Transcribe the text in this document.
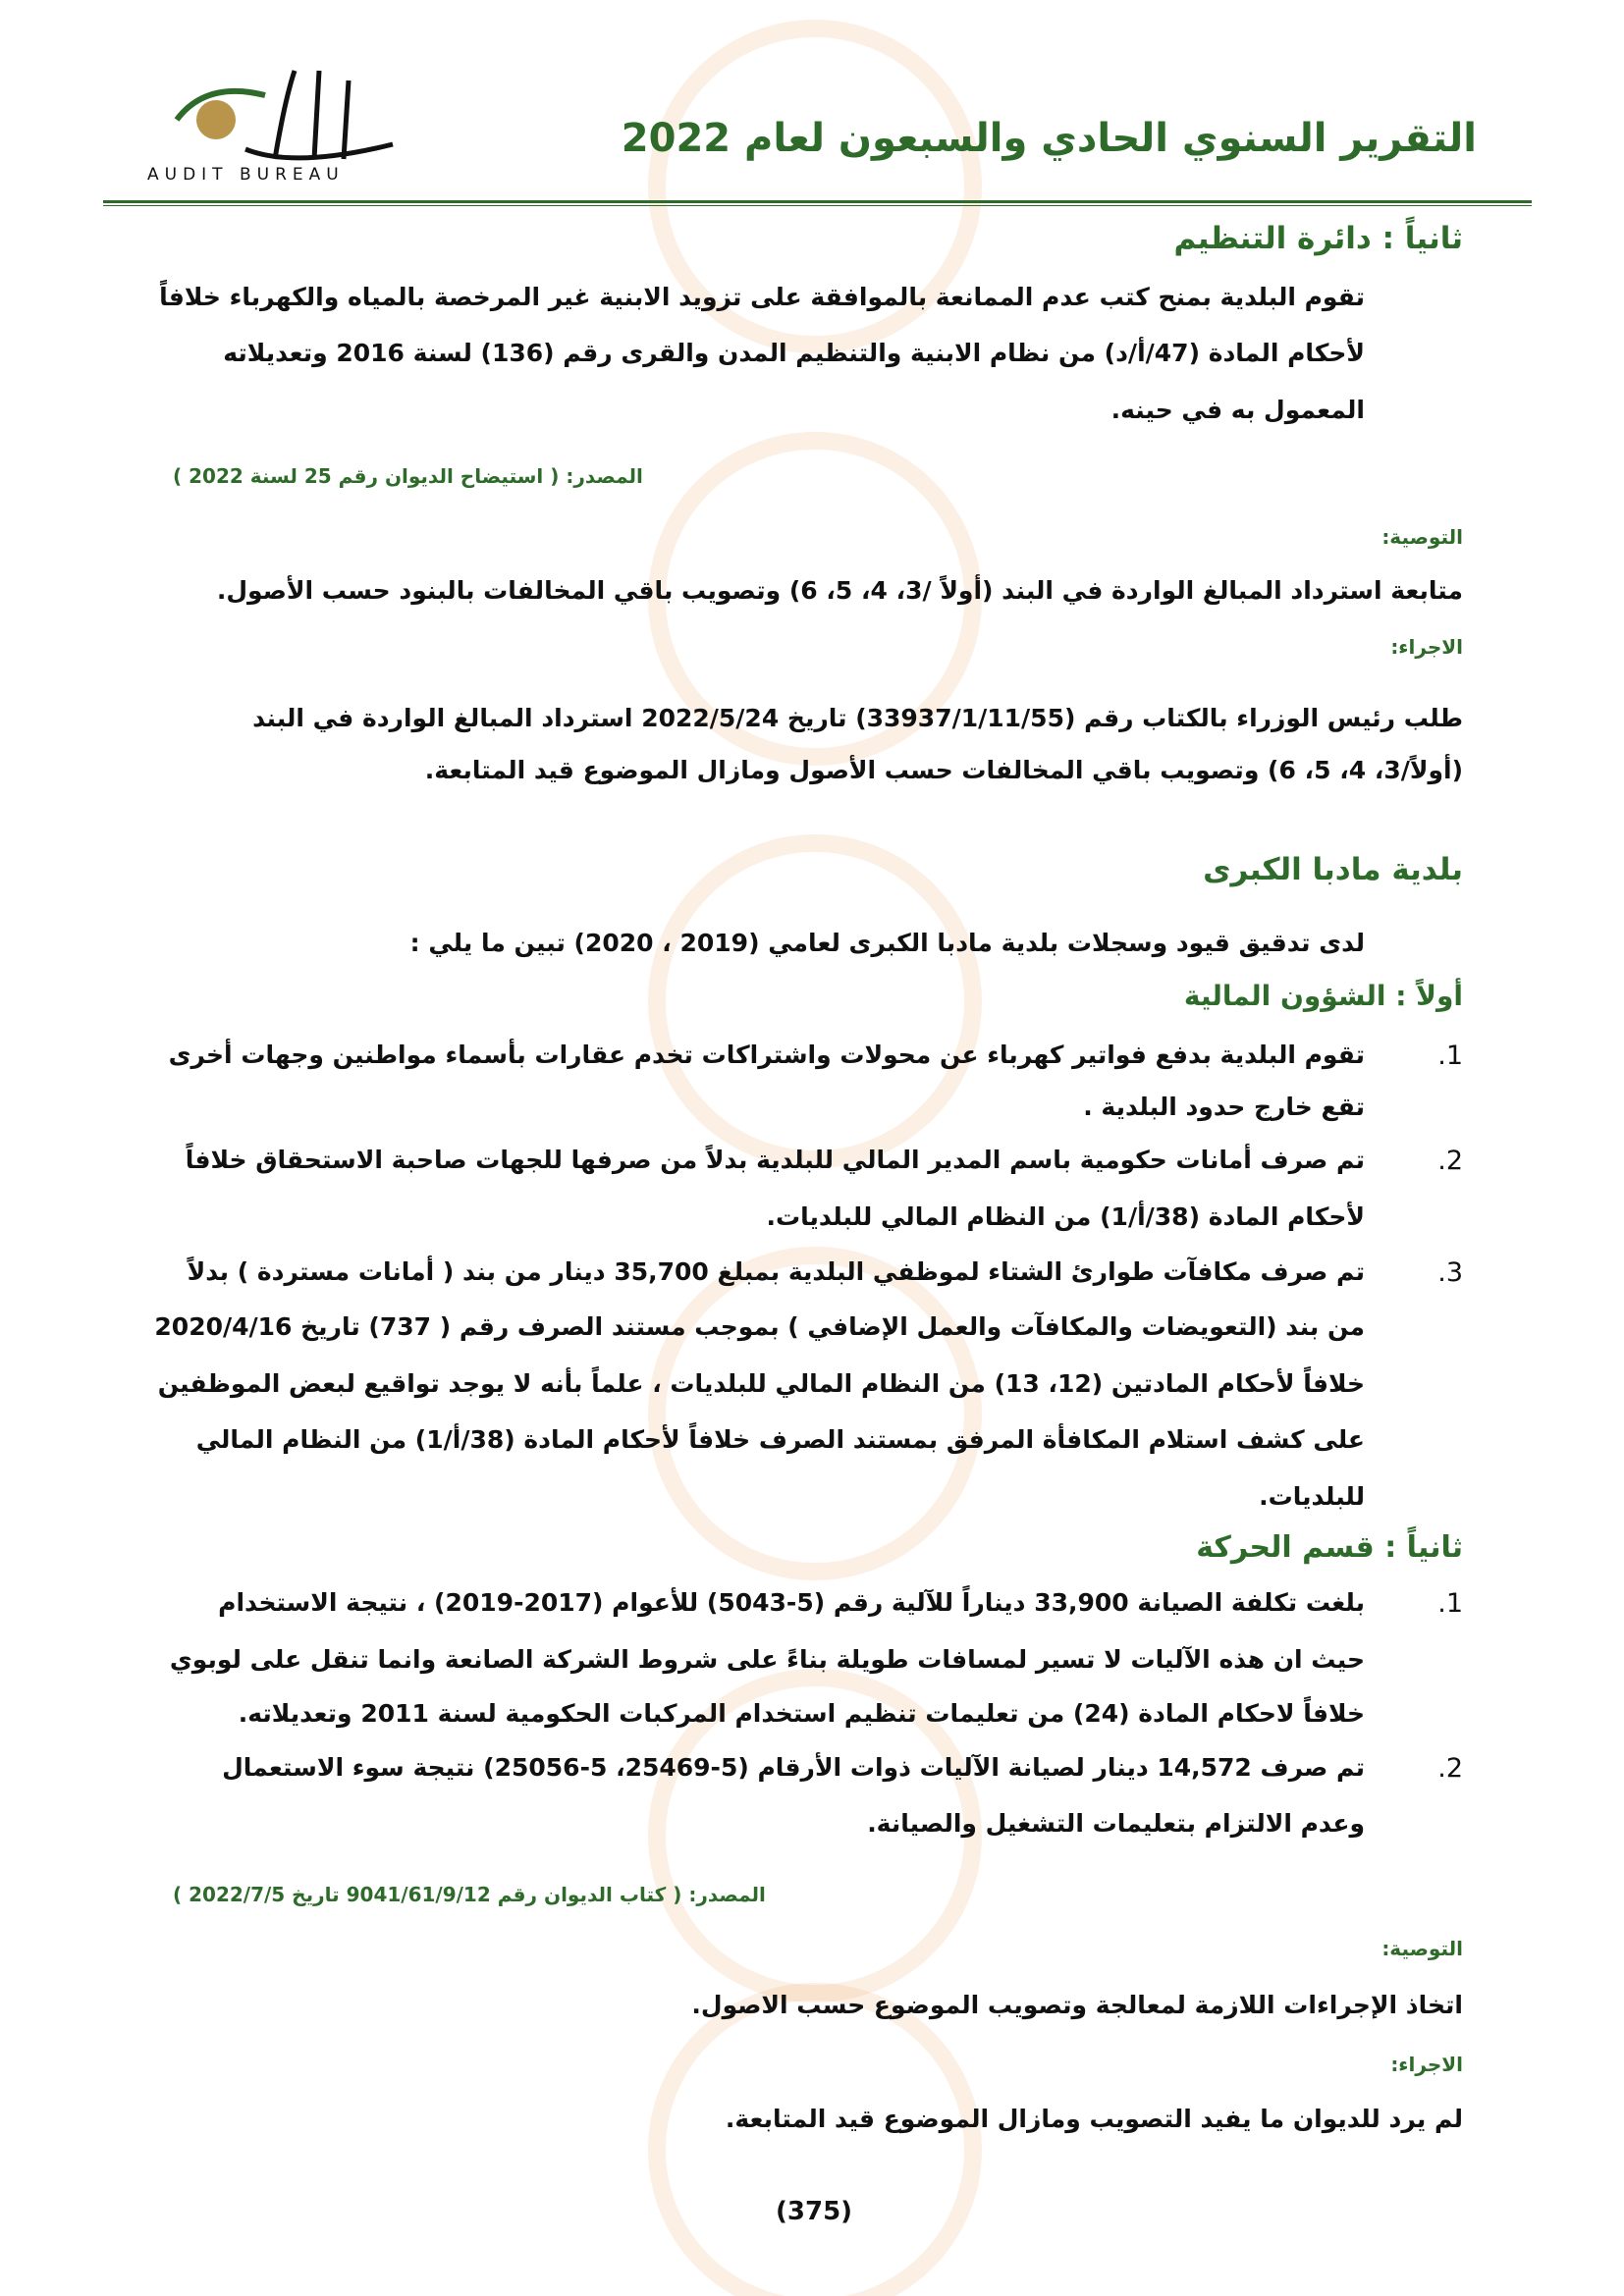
التقرير السنوي الحادي والسبعون لعام 2022
AUDIT BUREAU
ثانياً : دائرة التنظيم
تقوم البلدية بمنح كتب عدم الممانعة بالموافقة على تزويد الابنية غير المرخصة بالمياه والكهرباء خلافاً
لأحكام المادة (47/أ/د) من نظام الابنية والتنظيم المدن والقرى رقم (136) لسنة 2016 وتعديلاته
المعمول به في حينه.
المصدر: ( استيضاح الديوان رقم 25 لسنة 2022 )
التوصية:
متابعة استرداد المبالغ الواردة في البند (أولاً /3، 4، 5، 6) وتصويب باقي المخالفات بالبنود حسب الأصول.
الاجراء:
طلب رئيس الوزراء بالكتاب رقم (33937/1/11/55) تاريخ 2022/5/24 استرداد المبالغ الواردة في البند
(أولاً/3، 4، 5، 6) وتصويب باقي المخالفات حسب الأصول ومازال الموضوع قيد المتابعة.
بلدية مادبا الكبرى
لدى تدقيق قيود وسجلات بلدية مادبا الكبرى لعامي (2019 ، 2020) تبين ما يلي :
أولاً : الشؤون المالية
.1
تقوم البلدية بدفع فواتير كهرباء عن محولات واشتراكات تخدم عقارات بأسماء مواطنين وجهات أخرى
تقع خارج حدود البلدية .
.2
تم صرف أمانات حكومية باسم المدير المالي للبلدية بدلاً من صرفها للجهات صاحبة الاستحقاق خلافاً
لأحكام المادة (38/أ/1) من النظام المالي للبلديات.
.3
تم صرف مكافآت طوارئ الشتاء لموظفي البلدية بمبلغ 35,700 دينار من بند ( أمانات مستردة ) بدلاً
من بند (التعويضات والمكافآت والعمل الإضافي ) بموجب مستند الصرف رقم ( 737) تاريخ 2020/4/16
خلافاً لأحكام المادتين (12، 13) من النظام المالي للبلديات ، علماً بأنه لا يوجد تواقيع لبعض الموظفين
على كشف استلام المكافأة المرفق بمستند الصرف خلافاً لأحكام المادة (38/أ/1) من النظام المالي
للبلديات.
ثانياً : قسم الحركة
.1
بلغت تكلفة الصيانة 33,900 ديناراً للآلية رقم (5-5043) للأعوام (2017-2019) ، نتيجة الاستخدام
حيث ان هذه الآليات لا تسير لمسافات طويلة بناءً على شروط الشركة الصانعة وانما تنقل على لوبوي
خلافاً لاحكام المادة (24) من تعليمات تنظيم استخدام المركبات الحكومية لسنة 2011 وتعديلاته.
.2
تم صرف 14,572 دينار لصيانة الآليات ذوات الأرقام (5-25469، 5-25056) نتيجة سوء الاستعمال
وعدم الالتزام بتعليمات التشغيل والصيانة.
المصدر: ( كتاب الديوان رقم 9041/61/9/12 تاريخ 2022/7/5 )
التوصية:
اتخاذ الإجراءات اللازمة لمعالجة وتصويب الموضوع حسب الاصول.
الاجراء:
لم يرد للديوان ما يفيد التصويب ومازال الموضوع قيد المتابعة.
(375)
